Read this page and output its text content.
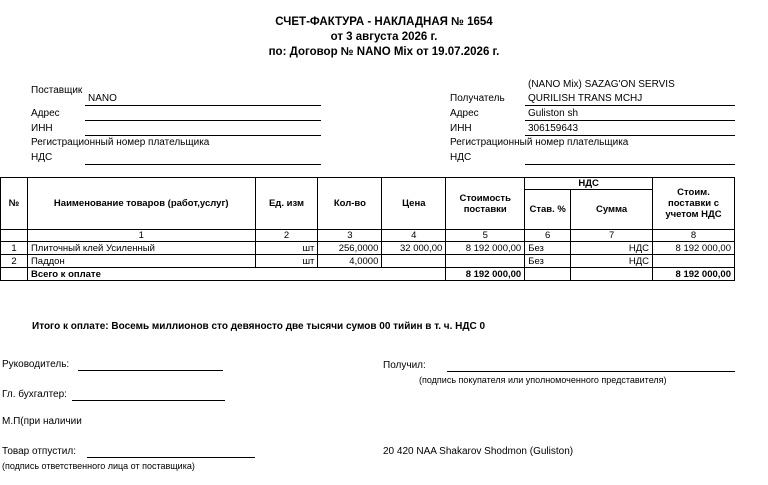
СЧЕТ-ФАКТУРА - НАКЛАДНАЯ № 1654
от 3 августа 2026 г.
по: Договор № NANO Mix от 19.07.2026 г.
Поставщик
NANO
Адрес
ИНН
Регистрационный номер плательщика
НДС
(NANO Mix) SAZAG'ON SERVIS
Получатель QURILISH TRANS MCHJ
Адрес	Guliston sh
ИНН	306159643
Регистрационный номер плательщика
НДС
№	Наименование товаров (работ,услуг)	Ед. изм	Кол-во	Цена	Стоимость поставки	НДС		Стоим. поставки с учетом НДС
						Став. %	Сумма	
	1	2	3	4	5	6	7	8
1	Плиточный клей Усиленный	шт	256,0000	32 000,00	8 192 000,00	Без	НДС	8 192 000,00
2	Паддон	шт	4,0000			Без	НДС	
	Всего к оплате				8 192 000,00			8 192 000,00
Итого к оплате: Восемь миллионов сто девяносто две тысячи сумов 00 тийин в т. ч. НДС 0
Руководитель:
Гл. бухгалтер:
М.П(при наличии
Товар отпустил:
(подпись ответственного лица от поставщика)
Получил:
(подпись покупателя или уполномоченного представителя)
20 420 NAA Shakarov Shodmon (Guliston)
